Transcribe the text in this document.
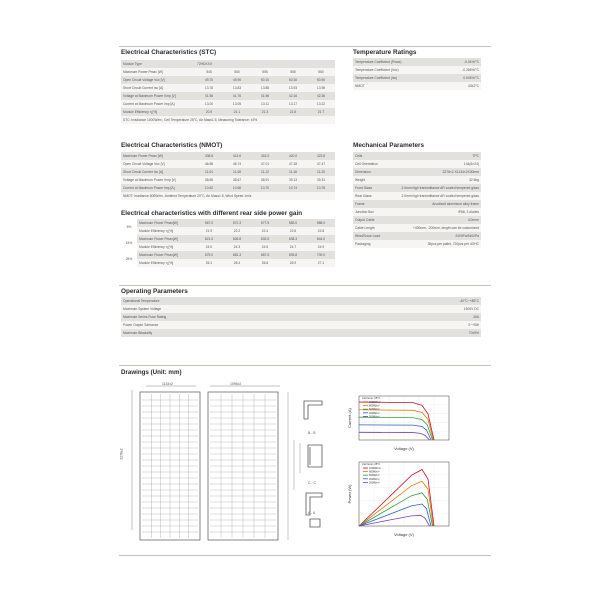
Electrical Characteristics (STC)
Module Type	72HDXXX				
Maximum Power Pmax [W]	545	550	555	555	560
Open Circuit Voltage Voc [V]	49.70	49.90	50.10	50.30	50.50
Short Circuit Current Isc [A]	13.78	13.83	13.88	13.93	13.98
Voltage at Maximum Power Vmp [V]	41.56	41.76	41.96	42.16	42.36
Current at Maximum Power Imp [A]	13.00	13.05	13.11	13.17	13.22
Module Efficiency η [%]	20.9	21.1	21.3	21.5	21.7
STC: Irradiance 1000W/m², Cell Temperature 25°C, Air Mass1.5, Measuring Tolerance: ±3%					
Electrical Characteristics (NMOT)
Maximum Power Pmax [W]	408.6	412.6	416.2	420.0	423.8
Open Circuit Voltage Voc [V]	46.68	46.74	47.01	47.28	47.47
Short Circuit Current Isc [A]	11.04	11.08	11.12	11.16	11.20
Voltage at Maximum Power Vmp [V]	38.65	38.67	38.91	39.13	39.31
Current at Maximum Power Imp [A]	10.62	10.66	10.70	10.74	10.78
NMOT: Irradiance 800W/m², Ambient Temperature 20°C, Air Mass1.5, Wind Speed 1m/s					
Electrical characteristics with different rear side power gain
5%	Maximum Power Pmax[W]	567.0	572.3	577.5	583.0	588.0
	Module Efficiency η [%]	21.9	22.2	22.4	22.6	22.8
15%	Maximum Power Pmax[W]	621.0	626.8	632.5	638.3	644.0
	Module Efficiency η [%]	24.0	24.3	24.5	24.7	24.9
25%	Maximum Power Pmax[W]	675.0	681.3	687.5	693.8	700.0
	Module Efficiency η [%]	26.1	26.4	26.6	26.9	27.1
Temperature Ratings
Temperature Coefficient (Pmax)	-0.34%/°C
Temperature Coefficient (Voc)	-0.265%/°C
Temperature Coefficient (Isc)	0.045%/°C
NMOT	43±2°C
Mechanical Parameters
Cells	TPC
Cell Orientation	144(6×24)
Dimension	2278×2 X1134×2X30mm
Weight	32.5kg
Front Glass	2.0mm high transmittance AR coated tempered glass
Rear Glass	2.0mm high transmittance AR coated tempered glass
Frame	Anodized aluminium alloy frame
Junction Box	IP68, 3 diodes
Output Cable	4.0mm²
Cable Length	+400mm, -200mm, length can be customized
Wind/Snow Load	2400Pa/5400Pa
Packaging	36pcs per pallet, 720pcs per 40'HC
Operating Parameters
Operational Temperature	-40°C~+85°C
Maximum System Voltage	1500V DC
Maximum Series Fuse Rating	30A
Power Output Tolerance	0~+5W
Maximum Bifaciality	70±5%
Drawings (Unit: mm)
1134±2	1096±2
2278±2
B - B
C - C
A - A
1000W/m²
800W/m²
600W/m²
400W/m²
200W/m²
Cell temp: 25°C
Voltage (V)
Current (A)
1000W/m²
800W/m²
600W/m²
400W/m²
200W/m²
Cell temp: 25°C
Voltage (V)
Power (W)
